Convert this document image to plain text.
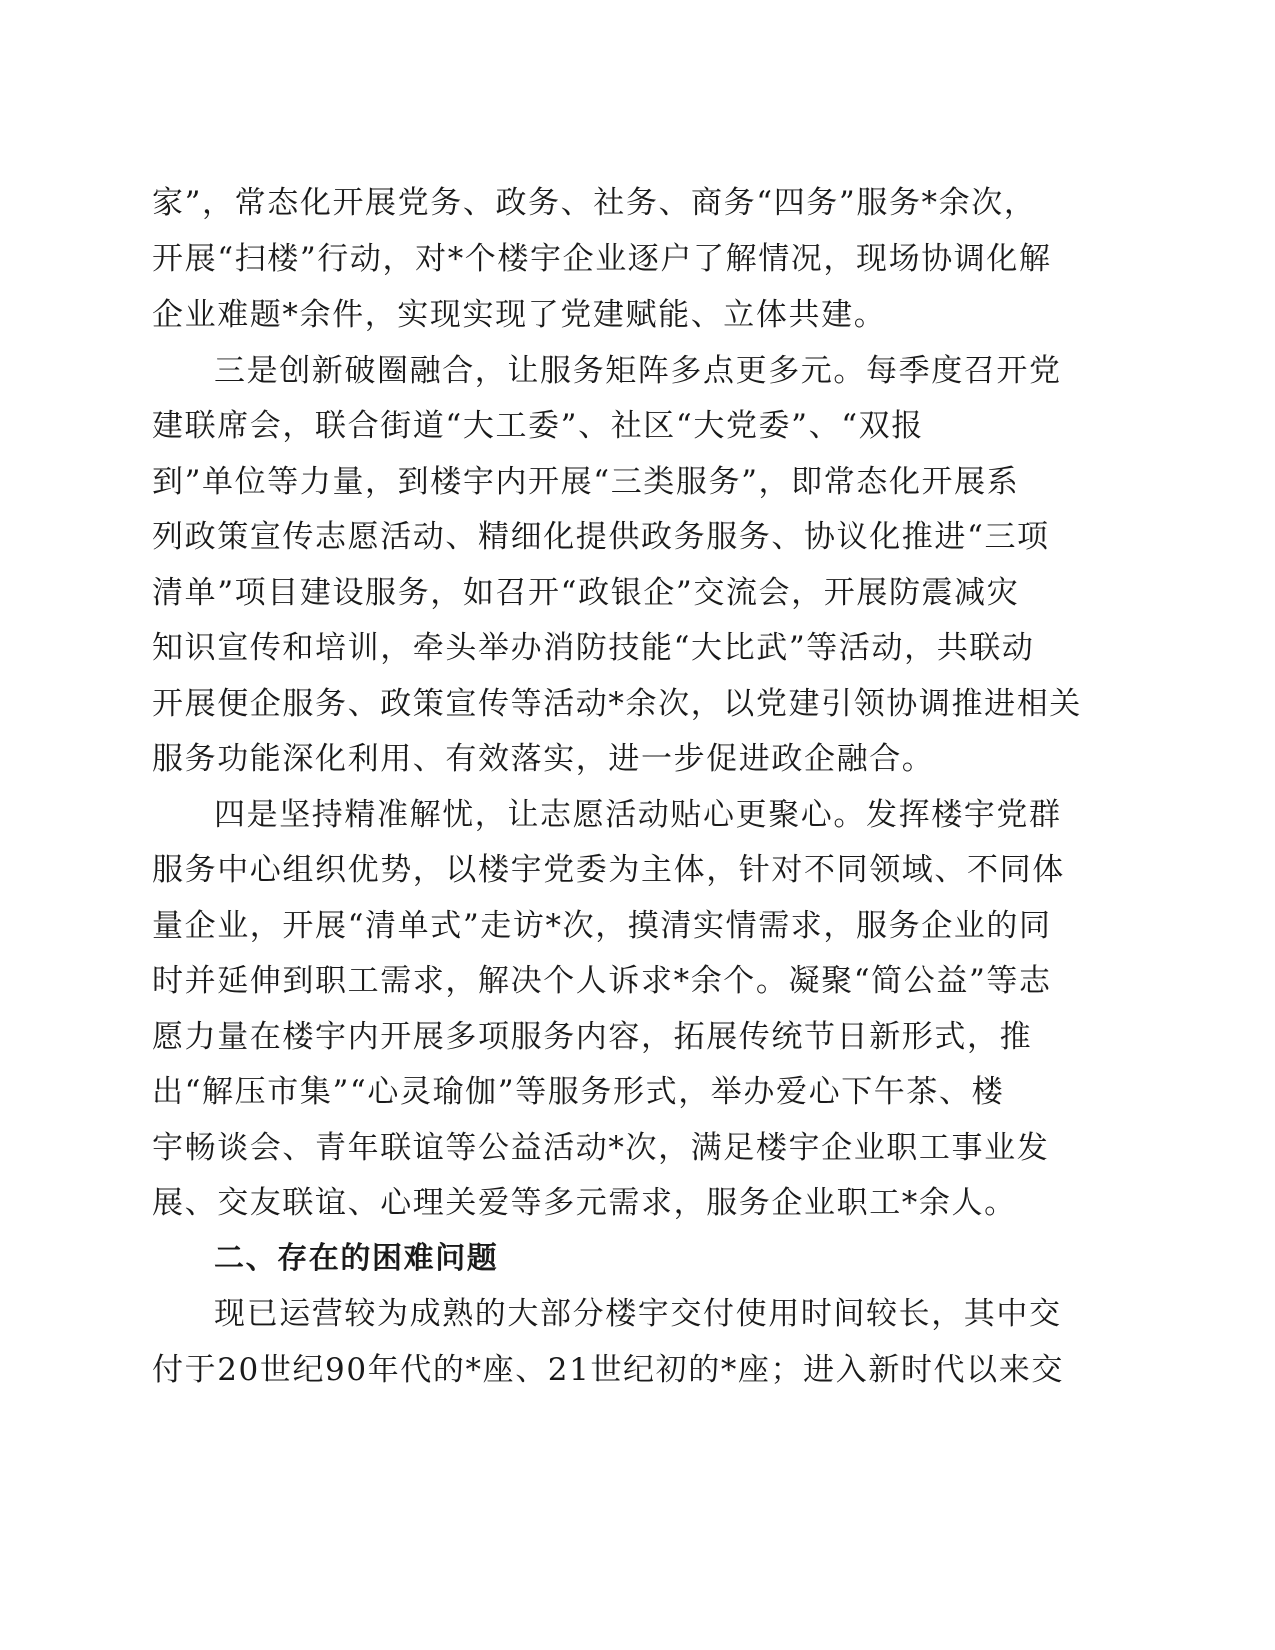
家”，常态化开展党务、政务、社务、商务“四务”服务*余次，
开展“扫楼”行动，对*个楼宇企业逐户了解情况，现场协调化解
企业难题*余件，实现实现了党建赋能、立体共建。
三是创新破圈融合，让服务矩阵多点更多元。每季度召开党
建联席会，联合街道“大工委”、社区“大党委”、“双报
到”单位等力量，到楼宇内开展“三类服务”，即常态化开展系
列政策宣传志愿活动、精细化提供政务服务、协议化推进“三项
清单”项目建设服务，如召开“政银企”交流会，开展防震减灾
知识宣传和培训，牵头举办消防技能“大比武”等活动，共联动
开展便企服务、政策宣传等活动*余次，以党建引领协调推进相关
服务功能深化利用、有效落实，进一步促进政企融合。
四是坚持精准解忧，让志愿活动贴心更聚心。发挥楼宇党群
服务中心组织优势，以楼宇党委为主体，针对不同领域、不同体
量企业，开展“清单式”走访*次，摸清实情需求，服务企业的同
时并延伸到职工需求，解决个人诉求*余个。凝聚“简公益”等志
愿力量在楼宇内开展多项服务内容，拓展传统节日新形式，推
出“解压市集”“心灵瑜伽”等服务形式，举办爱心下午茶、楼
宇畅谈会、青年联谊等公益活动*次，满足楼宇企业职工事业发
展、交友联谊、心理关爱等多元需求，服务企业职工*余人。
二、存在的困难问题
现已运营较为成熟的大部分楼宇交付使用时间较长，其中交
付于20世纪90年代的*座、21世纪初的*座；进入新时代以来交
